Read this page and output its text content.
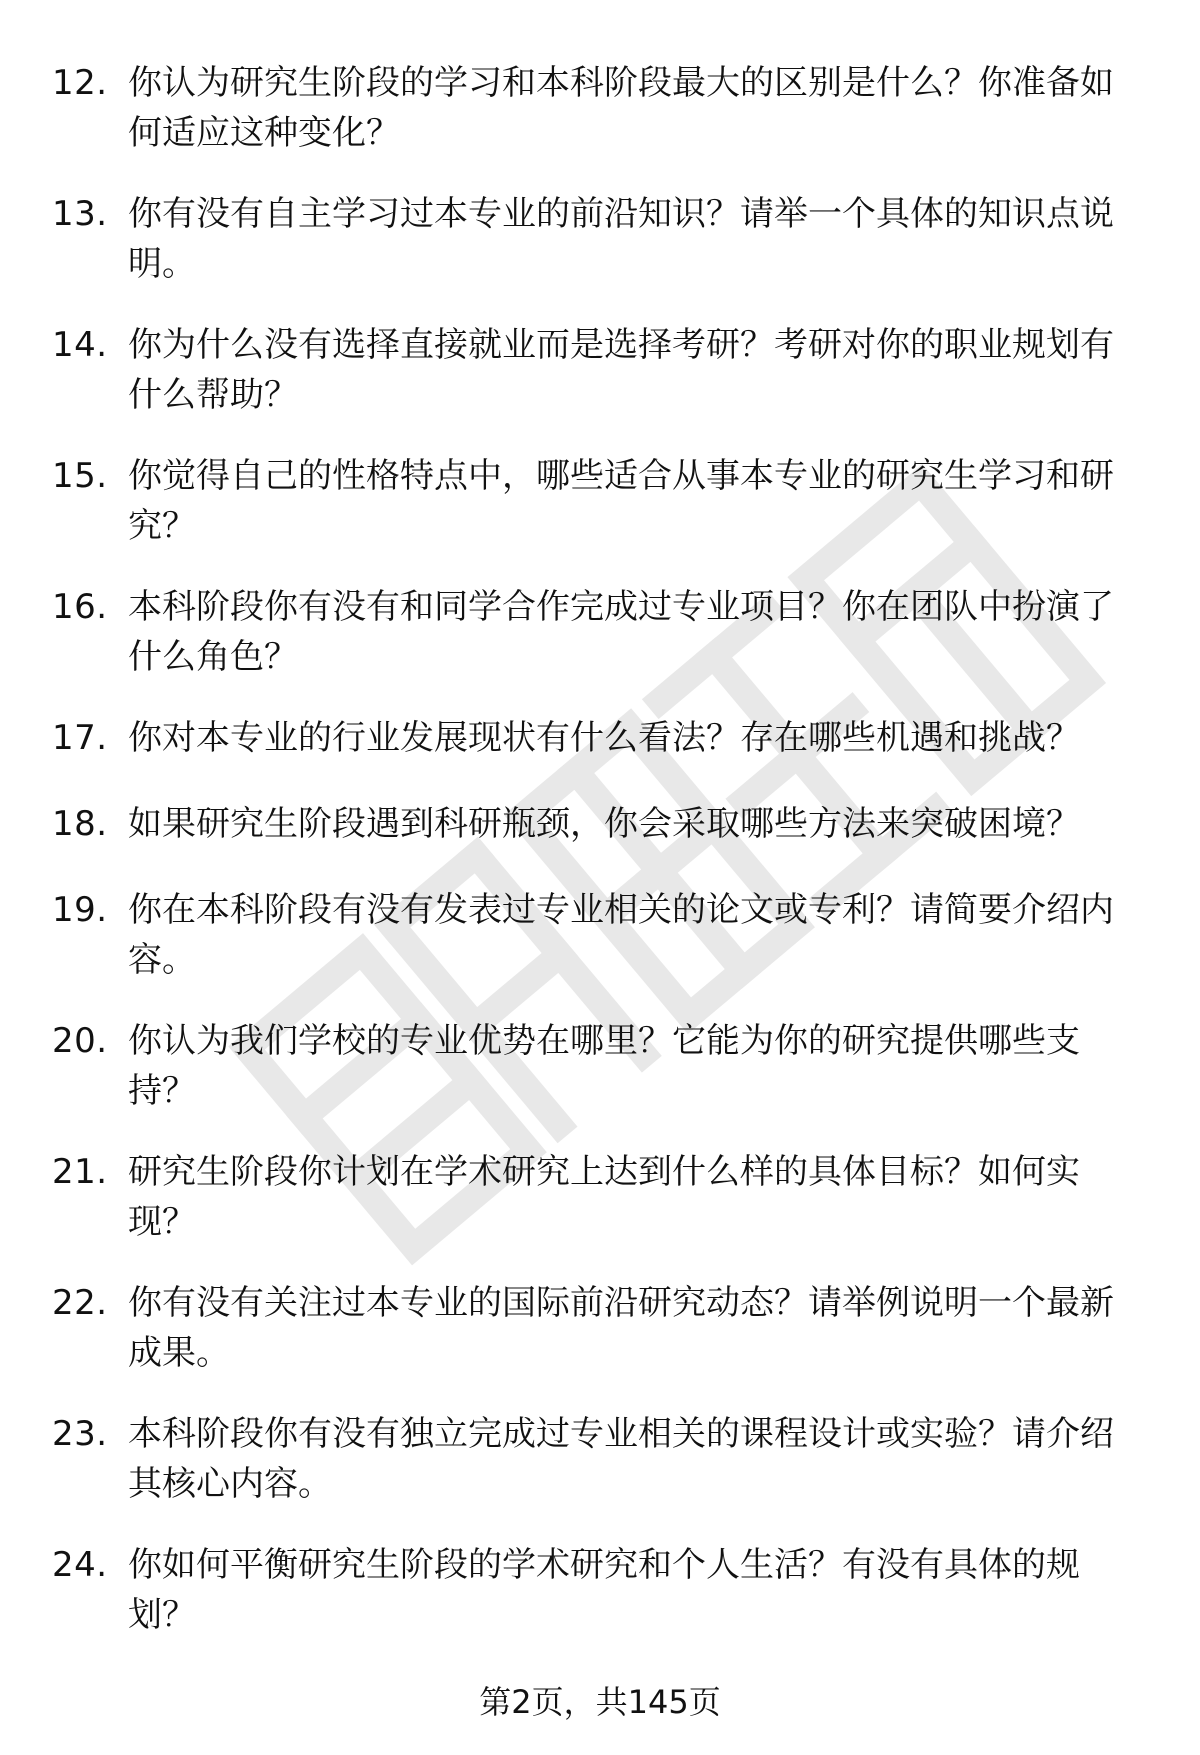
12. 你认为研究生阶段的学习和本科阶段最大的区别是什么？你准备如何适应这种变化？
13. 你有没有自主学习过本专业的前沿知识？请举一个具体的知识点说明。
14. 你为什么没有选择直接就业而是选择考研？考研对你的职业规划有什么帮助？
15. 你觉得自己的性格特点中，哪些适合从事本专业的研究生学习和研究？
16. 本科阶段你有没有和同学合作完成过专业项目？你在团队中扮演了什么角色？
17. 你对本专业的行业发展现状有什么看法？存在哪些机遇和挑战？
18. 如果研究生阶段遇到科研瓶颈，你会采取哪些方法来突破困境？
19. 你在本科阶段有没有发表过专业相关的论文或专利？请简要介绍内容。
20. 你认为我们学校的专业优势在哪里？它能为你的研究提供哪些支持？
21. 研究生阶段你计划在学术研究上达到什么样的具体目标？如何实现？
22. 你有没有关注过本专业的国际前沿研究动态？请举例说明一个最新成果。
23. 本科阶段你有没有独立完成过专业相关的课程设计或实验？请介绍其核心内容。
24. 你如何平衡研究生阶段的学术研究和个人生活？有没有具体的规划？
第2页，共145页
